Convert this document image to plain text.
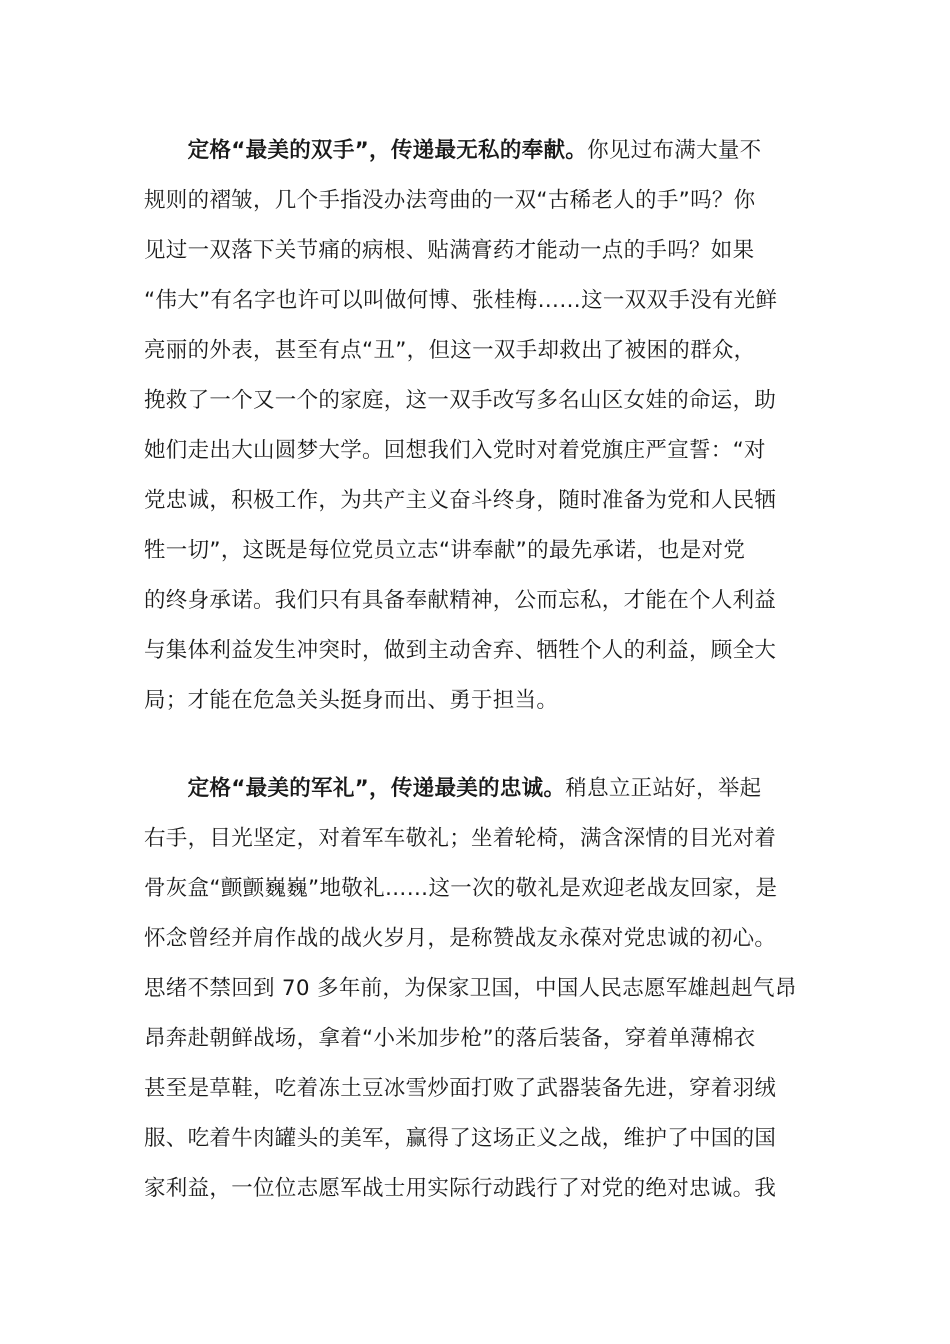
　　定格“最美的双手”，传递最无私的奉献。你见过布满大量不
规则的褶皱，几个手指没办法弯曲的一双“古稀老人的手”吗？你
见过一双落下关节痛的病根、贴满膏药才能动一点的手吗？如果
“伟大”有名字也许可以叫做何博、张桂梅……这一双双手没有光鲜
亮丽的外表，甚至有点“丑”，但这一双手却救出了被困的群众，
挽救了一个又一个的家庭，这一双手改写多名山区女娃的命运，助
她们走出大山圆梦大学。回想我们入党时对着党旗庄严宣誓：“对
党忠诚，积极工作，为共产主义奋斗终身，随时准备为党和人民牺
牲一切”，这既是每位党员立志“讲奉献”的最先承诺，也是对党
的终身承诺。我们只有具备奉献精神，公而忘私，才能在个人利益
与集体利益发生冲突时，做到主动舍弃、牺牲个人的利益，顾全大
局；才能在危急关头挺身而出、勇于担当。

　　定格“最美的军礼”，传递最美的忠诚。稍息立正站好，举起
右手，目光坚定，对着军车敬礼；坐着轮椅，满含深情的目光对着
骨灰盒“颤颤巍巍”地敬礼……这一次的敬礼是欢迎老战友回家，是
怀念曾经并肩作战的战火岁月，是称赞战友永葆对党忠诚的初心。
思绪不禁回到 70 多年前，为保家卫国，中国人民志愿军雄赳赳气昂
昂奔赴朝鲜战场，拿着“小米加步枪”的落后装备，穿着单薄棉衣
甚至是草鞋，吃着冻土豆冰雪炒面打败了武器装备先进，穿着羽绒
服、吃着牛肉罐头的美军，赢得了这场正义之战，维护了中国的国
家利益，一位位志愿军战士用实际行动践行了对党的绝对忠诚。我
